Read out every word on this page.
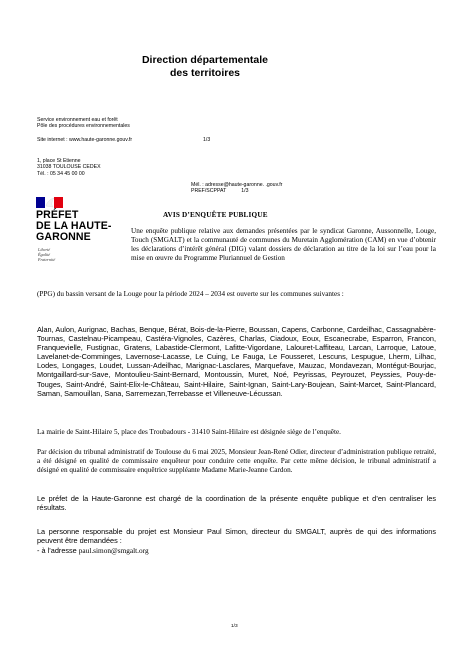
Direction départementale
des territoires
Service environnement eau et forêt
Pôle des procédures environnementales
Site internet : www.haute-garonne.gouv.fr	1/3
1, place St Etienne
31038 TOULOUSE CEDEX
Tél. : 05 34 45 00 00
Mél. : adresse@haute-garonne. .gouv.fr
PREF/SCPPAT	1/3
PRÉFET
DE LA HAUTE-
GARONNE
Liberté
Égalité
Fraternité
AVIS D’ENQUÊTE PUBLIQUE
Une enquête publique relative aux demandes présentées par le syndicat Garonne, Aussonnelle, Louge, Touch (SMGALT) et la communauté de communes du Muretain Agglomération (CAM) en vue d’obtenir les déclarations d’intérêt général (DIG) valant dossiers de déclaration au titre de la loi sur l’eau pour la mise en œuvre du Programme Pluriannuel de Gestion
(PPG) du bassin versant de la Louge pour la période 2024 – 2034 est ouverte sur les communes suivantes :
Alan, Aulon, Aurignac, Bachas, Benque, Bérat, Bois-de-la-Pierre, Boussan, Capens, Carbonne, Cardeilhac, Cassagnabère-Tournas, Castelnau-Picampeau, Castéra-Vignoles, Cazères, Charlas, Ciadoux, Eoux, Escanecrabe, Esparron, Francon, Franquevielle, Fustignac, Gratens, Labastide-Clermont, Lafitte-Vigordane, Lalouret-Laffiteau, Larcan, Larroque, Latoue, Lavelanet-de-Comminges, Lavernose-Lacasse, Le Cuing, Le Fauga, Le Fousseret, Lescuns, Lespugue, Lherm, Lilhac, Lodes, Longages, Loudet, Lussan-Adeilhac, Marignac-Lasclares, Marquefave, Mauzac, Mondavezan, Montégut-Bourjac, Montgaillard-sur-Save, Montoulieu-Saint-Bernard, Montoussin, Muret, Noé, Peyrissas, Peyrouzet, Peyssies, Pouy-de-Touges, Saint-André, Saint-Elix-le-Château, Saint-Hilaire, Saint-Ignan, Saint-Lary-Boujean, Saint-Marcet, Saint-Plancard, Saman, Samouillan, Sana, Sarremezan,Terrebasse et Villeneuve-Lécussan.
La mairie de Saint-Hilaire 5, place des Troubadours - 31410 Saint-Hilaire est désignée siège de l’enquête.
Par décision du tribunal administratif de Toulouse du 6 mai 2025, Monsieur Jean-René Odier, directeur d’administration publique retraité, a été désigné en qualité de commissaire enquêteur pour conduire cette enquête. Par cette même décision, le tribunal administratif a désigné en qualité de commissaire enquêtrice suppléante Madame Marie-Jeanne Cardon.
Le préfet de la Haute-Garonne est chargé de la coordination de la présente enquête publique et d’en centraliser les résultats.
La personne responsable du projet est Monsieur Paul Simon, directeur du SMGALT, auprès de qui des informations peuvent être demandées :
- à l’adresse paul.simon@smgalt.org
1/3
